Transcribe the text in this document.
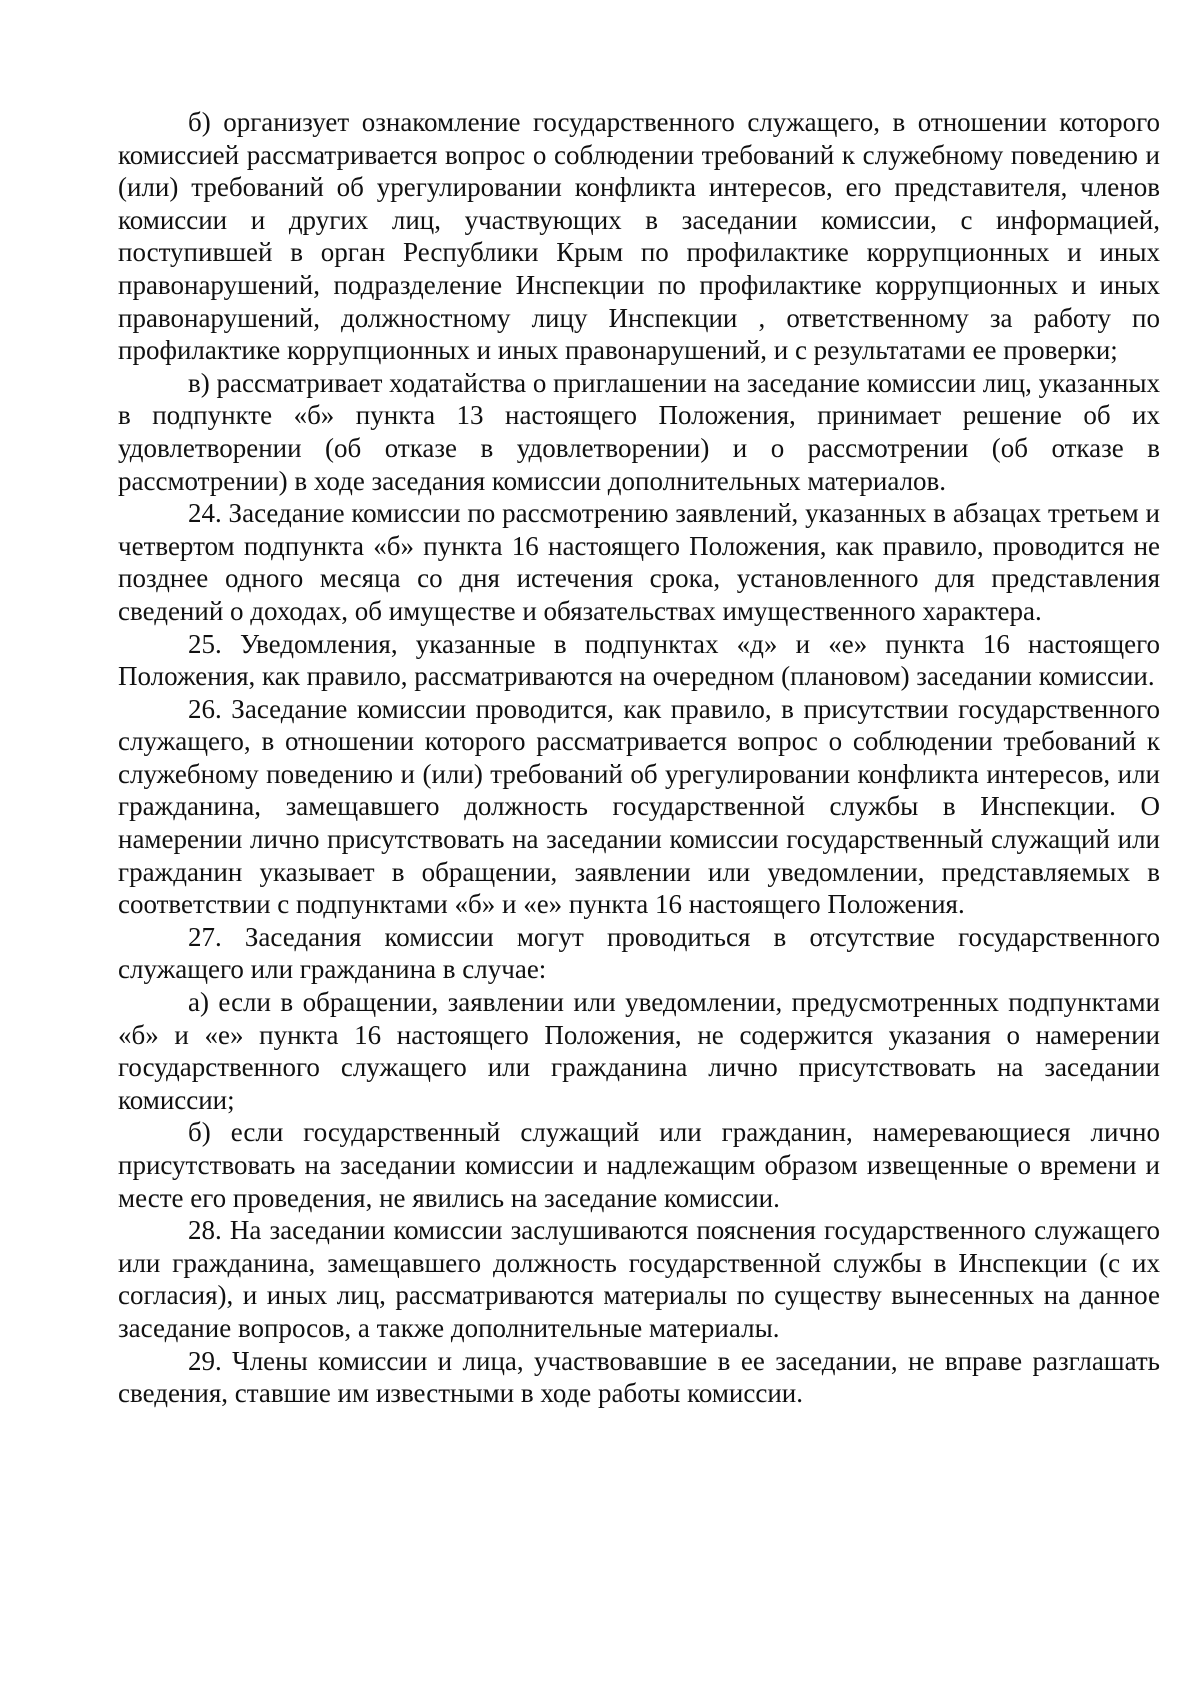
б) организует ознакомление государственного служащего, в отношении которого комиссией рассматривается вопрос о соблюдении требований к служебному поведению и (или) требований об урегулировании конфликта интересов, его представителя, членов комиссии и других лиц, участвующих в заседании комиссии, с информацией, поступившей в орган Республики Крым по профилактике коррупционных и иных правонарушений, подразделение Инспекции по профилактике коррупционных и иных правонарушений, должностному лицу Инспекции , ответственному за работу по профилактике коррупционных и иных правонарушений, и с результатами ее проверки;

в) рассматривает ходатайства о приглашении на заседание комиссии лиц, указанных в подпункте «б» пункта 13 настоящего Положения, принимает решение об их удовлетворении (об отказе в удовлетворении) и о рассмотрении (об отказе в рассмотрении) в ходе заседания комиссии дополнительных материалов.

24. Заседание комиссии по рассмотрению заявлений, указанных в абзацах третьем и четвертом подпункта «б» пункта 16 настоящего Положения, как правило, проводится не позднее одного месяца со дня истечения срока, установленного для представления сведений о доходах, об имуществе и обязательствах имущественного характера.

25. Уведомления, указанные в подпунктах «д» и «е» пункта 16 настоящего Положения, как правило, рассматриваются на очередном (плановом) заседании комиссии.

26. Заседание комиссии проводится, как правило, в присутствии государственного служащего, в отношении которого рассматривается вопрос о соблюдении требований к служебному поведению и (или) требований об урегулировании конфликта интересов, или гражданина, замещавшего должность государственной службы в Инспекции. О намерении лично присутствовать на заседании комиссии государственный служащий или гражданин указывает в обращении, заявлении или уведомлении, представляемых в соответствии с подпунктами «б» и «е» пункта 16 настоящего Положения.

27. Заседания комиссии могут проводиться в отсутствие государственного служащего или гражданина в случае:

а) если в обращении, заявлении или уведомлении, предусмотренных подпунктами «б» и «е» пункта 16 настоящего Положения, не содержится указания о намерении государственного служащего или гражданина лично присутствовать на заседании комиссии;

б) если государственный служащий или гражданин, намеревающиеся лично присутствовать на заседании комиссии и надлежащим образом извещенные о времени и месте его проведения, не явились на заседание комиссии.

28. На заседании комиссии заслушиваются пояснения государственного служащего или гражданина, замещавшего должность государственной службы в Инспекции (с их согласия), и иных лиц, рассматриваются материалы по существу вынесенных на данное заседание вопросов, а также дополнительные материалы.

29. Члены комиссии и лица, участвовавшие в ее заседании, не вправе разглашать сведения, ставшие им известными в ходе работы комиссии.
